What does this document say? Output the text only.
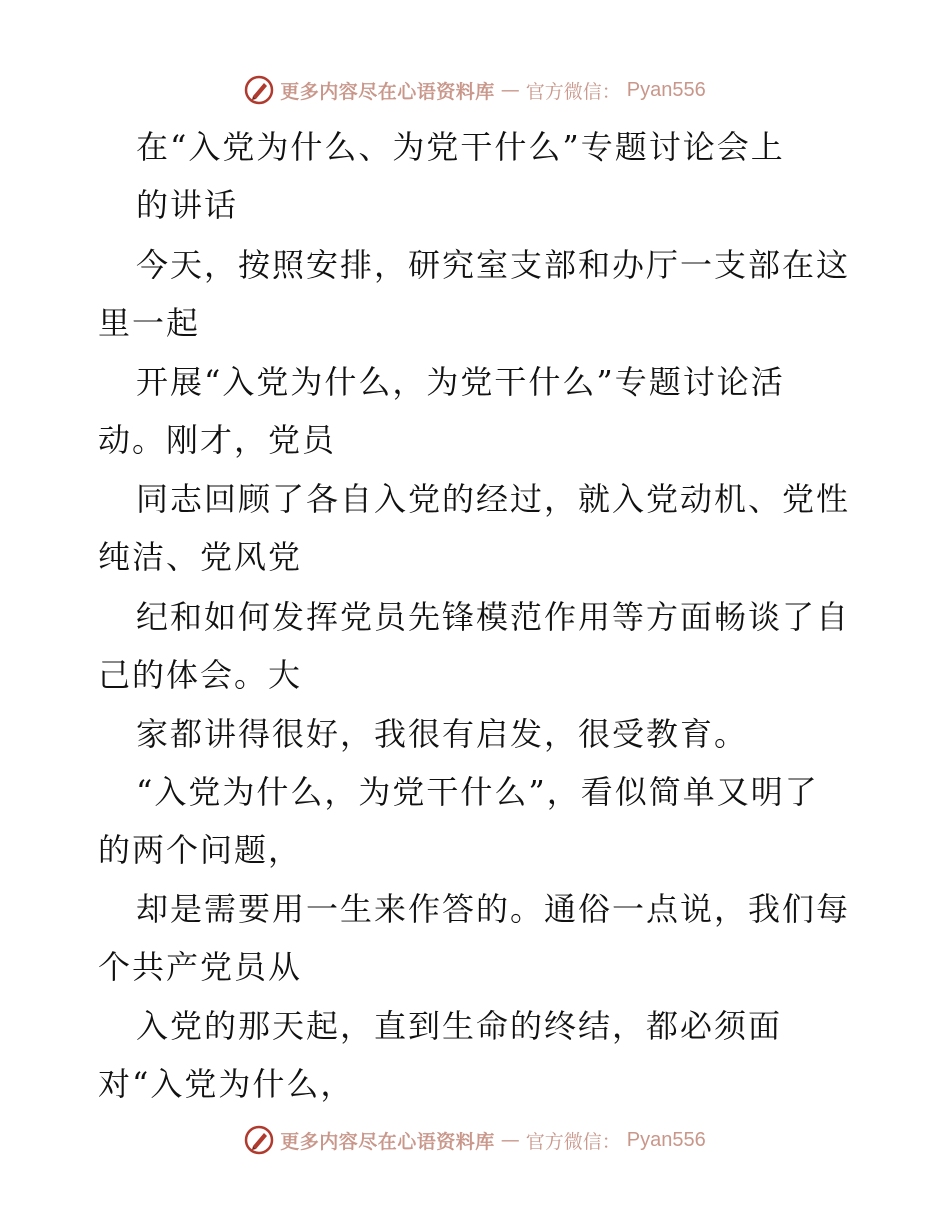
更多内容尽在心语资料库 — 官方微信： Pyan556
在“入党为什么、为党干什么”专题讨论会上
的讲话
今天，按照安排，研究室支部和办厅一支部在这
里一起
开展“入党为什么，为党干什么”专题讨论活
动。刚才，党员
同志回顾了各自入党的经过，就入党动机、党性
纯洁、党风党
纪和如何发挥党员先锋模范作用等方面畅谈了自
己的体会。大
家都讲得很好，我很有启发，很受教育。
“入党为什么，为党干什么”，看似简单又明了
的两个问题，
却是需要用一生来作答的。通俗一点说，我们每
个共产党员从
入党的那天起，直到生命的终结，都必须面
对“入党为什么，
更多内容尽在心语资料库 — 官方微信： Pyan556
